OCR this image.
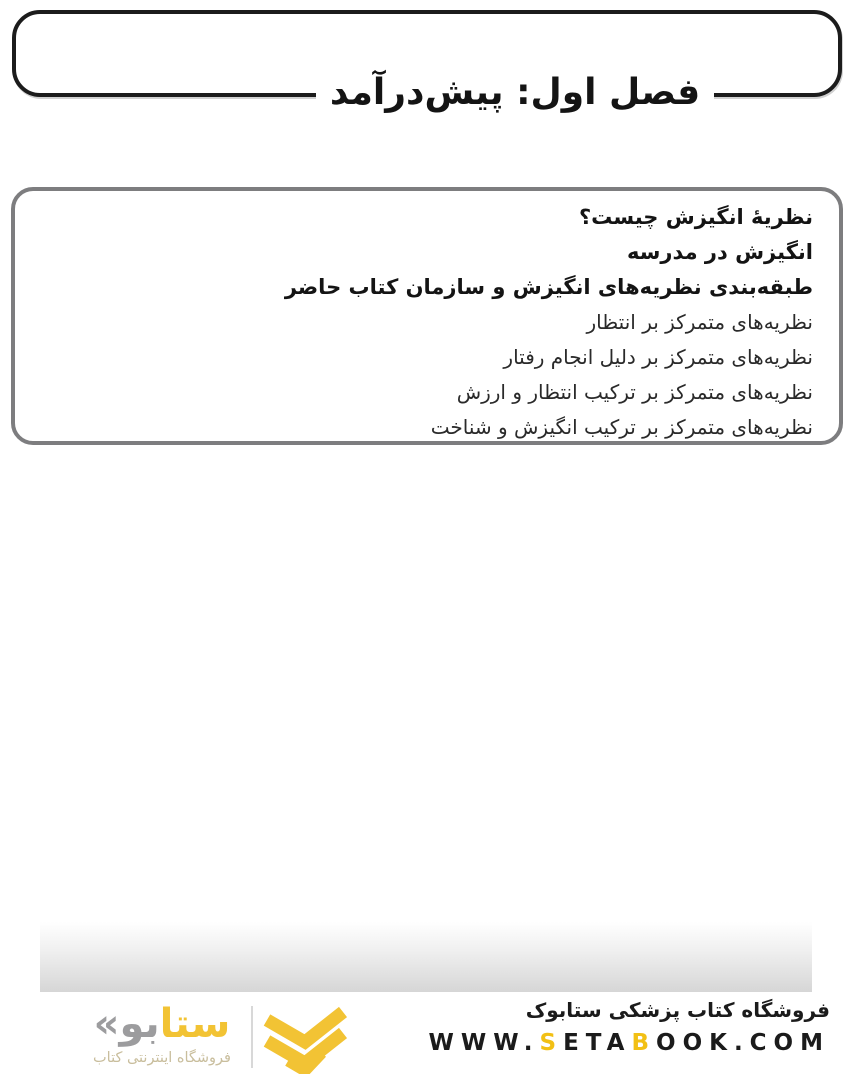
فصل اول: پیش‌درآمد
نظریهٔ انگیزش چیست؟
انگیزش در مدرسه
طبقه‌بندی نظریه‌های انگیزش و سازمان کتاب حاضر
نظریه‌های متمرکز بر انتظار
نظریه‌های متمرکز بر دلیل انجام رفتار
نظریه‌های متمرکز بر ترکیب انتظار و ارزش
نظریه‌های متمرکز بر ترکیب انگیزش و شناخت
ستابو«
فروشگاه اینترنتی کتاب
فروشگاه کتاب پزشکی ستابوک
WWW.SETABOOK.COM
